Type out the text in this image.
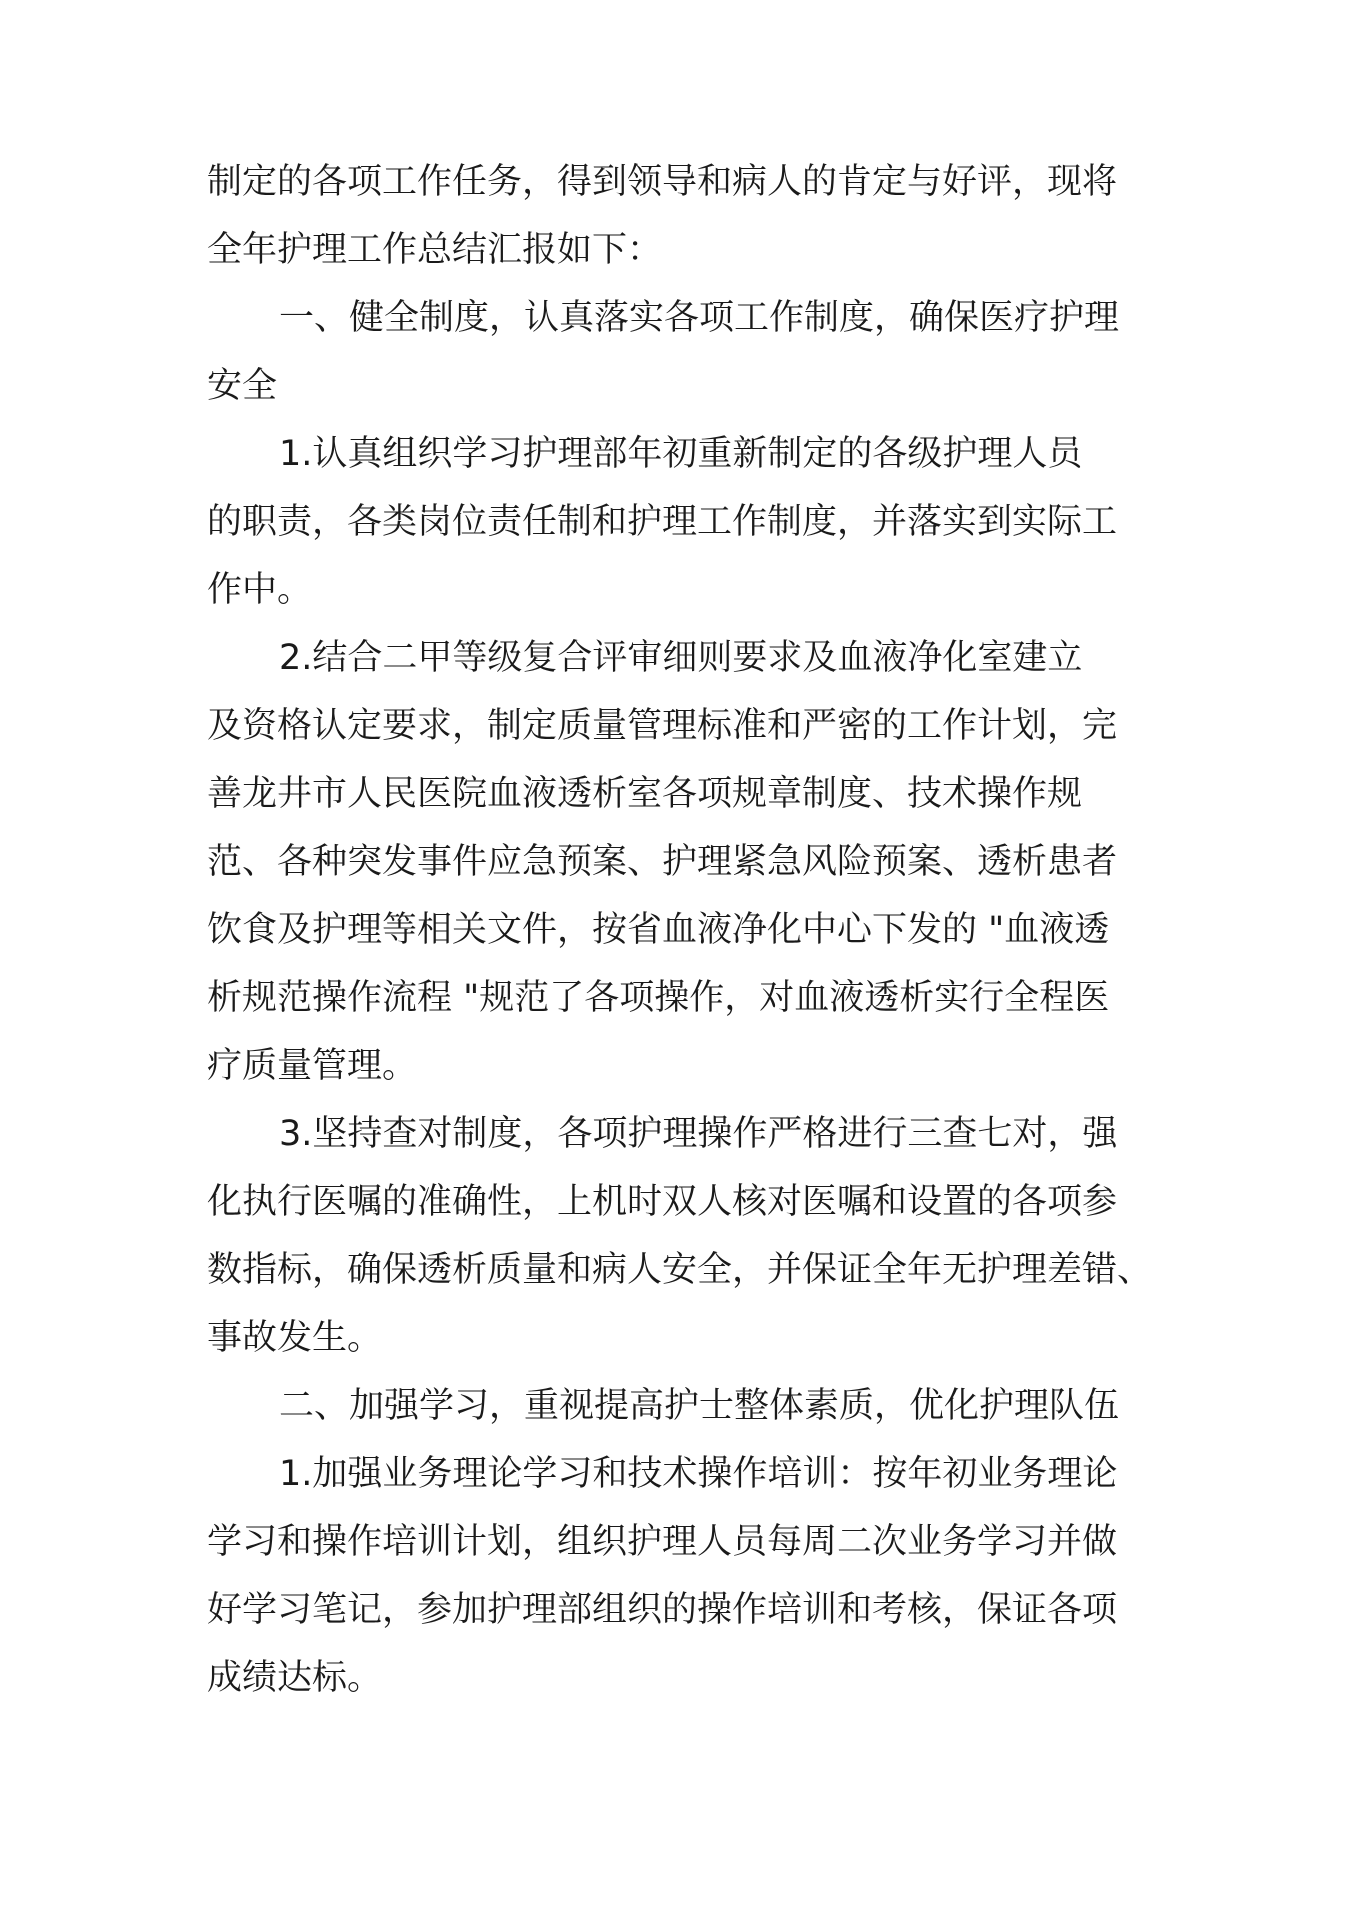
制定的各项工作任务，得到领导和病人的肯定与好评，现将
全年护理工作总结汇报如下：
一、健全制度，认真落实各项工作制度，确保医疗护理
安全
1.认真组织学习护理部年初重新制定的各级护理人员
的职责，各类岗位责任制和护理工作制度，并落实到实际工
作中。
2.结合二甲等级复合评审细则要求及血液净化室建立
及资格认定要求，制定质量管理标准和严密的工作计划，完
善龙井市人民医院血液透析室各项规章制度、技术操作规
范、各种突发事件应急预案、护理紧急风险预案、透析患者
饮食及护理等相关文件，按省血液净化中心下发的 "血液透
析规范操作流程 "规范了各项操作，对血液透析实行全程医
疗质量管理。
3.坚持查对制度，各项护理操作严格进行三查七对，强
化执行医嘱的准确性，上机时双人核对医嘱和设置的各项参
数指标，确保透析质量和病人安全，并保证全年无护理差错、
事故发生。
二、加强学习，重视提高护士整体素质，优化护理队伍
1.加强业务理论学习和技术操作培训：按年初业务理论
学习和操作培训计划，组织护理人员每周二次业务学习并做
好学习笔记，参加护理部组织的操作培训和考核，保证各项
成绩达标。
